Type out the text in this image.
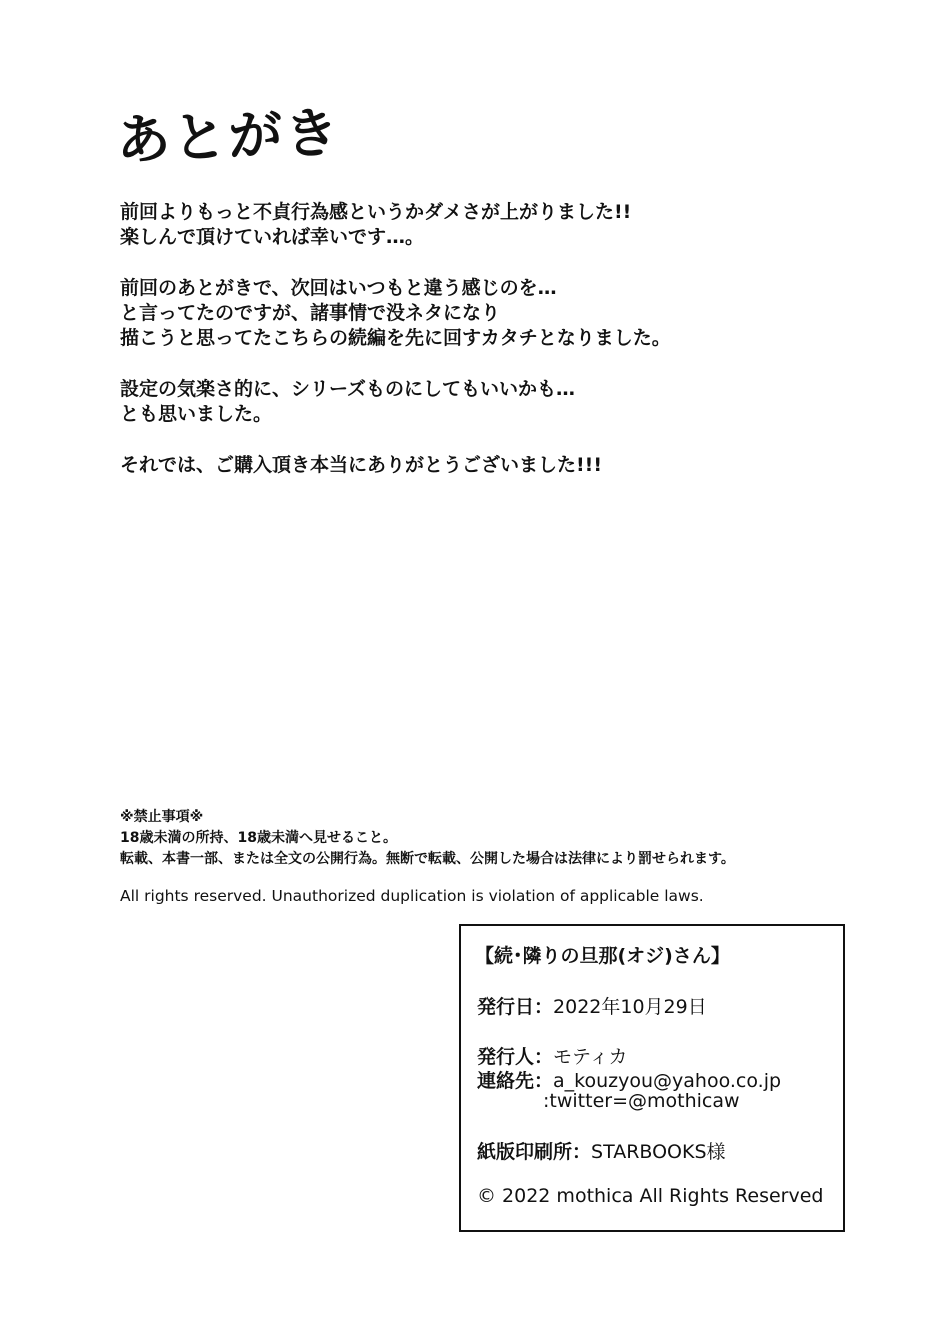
あとがき
前回よりもっと不貞行為感というかダメさが上がりました!!
楽しんで頂けていれば幸いです…。
前回のあとがきで、次回はいつもと違う感じのを…
と言ってたのですが、諸事情で没ネタになり
描こうと思ってたこちらの続編を先に回すカタチとなりました。
設定の気楽さ的に、シリーズものにしてもいいかも…
とも思いました。
それでは、ご購入頂き本当にありがとうございました!!!
※禁止事項※
18歳未満の所持、18歳未満へ見せること。
転載、本書一部、または全文の公開行為。無断で転載、公開した場合は法律により罰せられます。
All rights reserved. Unauthorized duplication is violation of applicable laws.
【続･隣りの旦那(オジ)さん】
発行日：2022年10月29日
発行人：モティカ
連絡先：a_kouzyou@yahoo.co.jp
:twitter=@mothicaw
紙版印刷所：STARBOOKS様
© 2022 mothica All Rights Reserved
